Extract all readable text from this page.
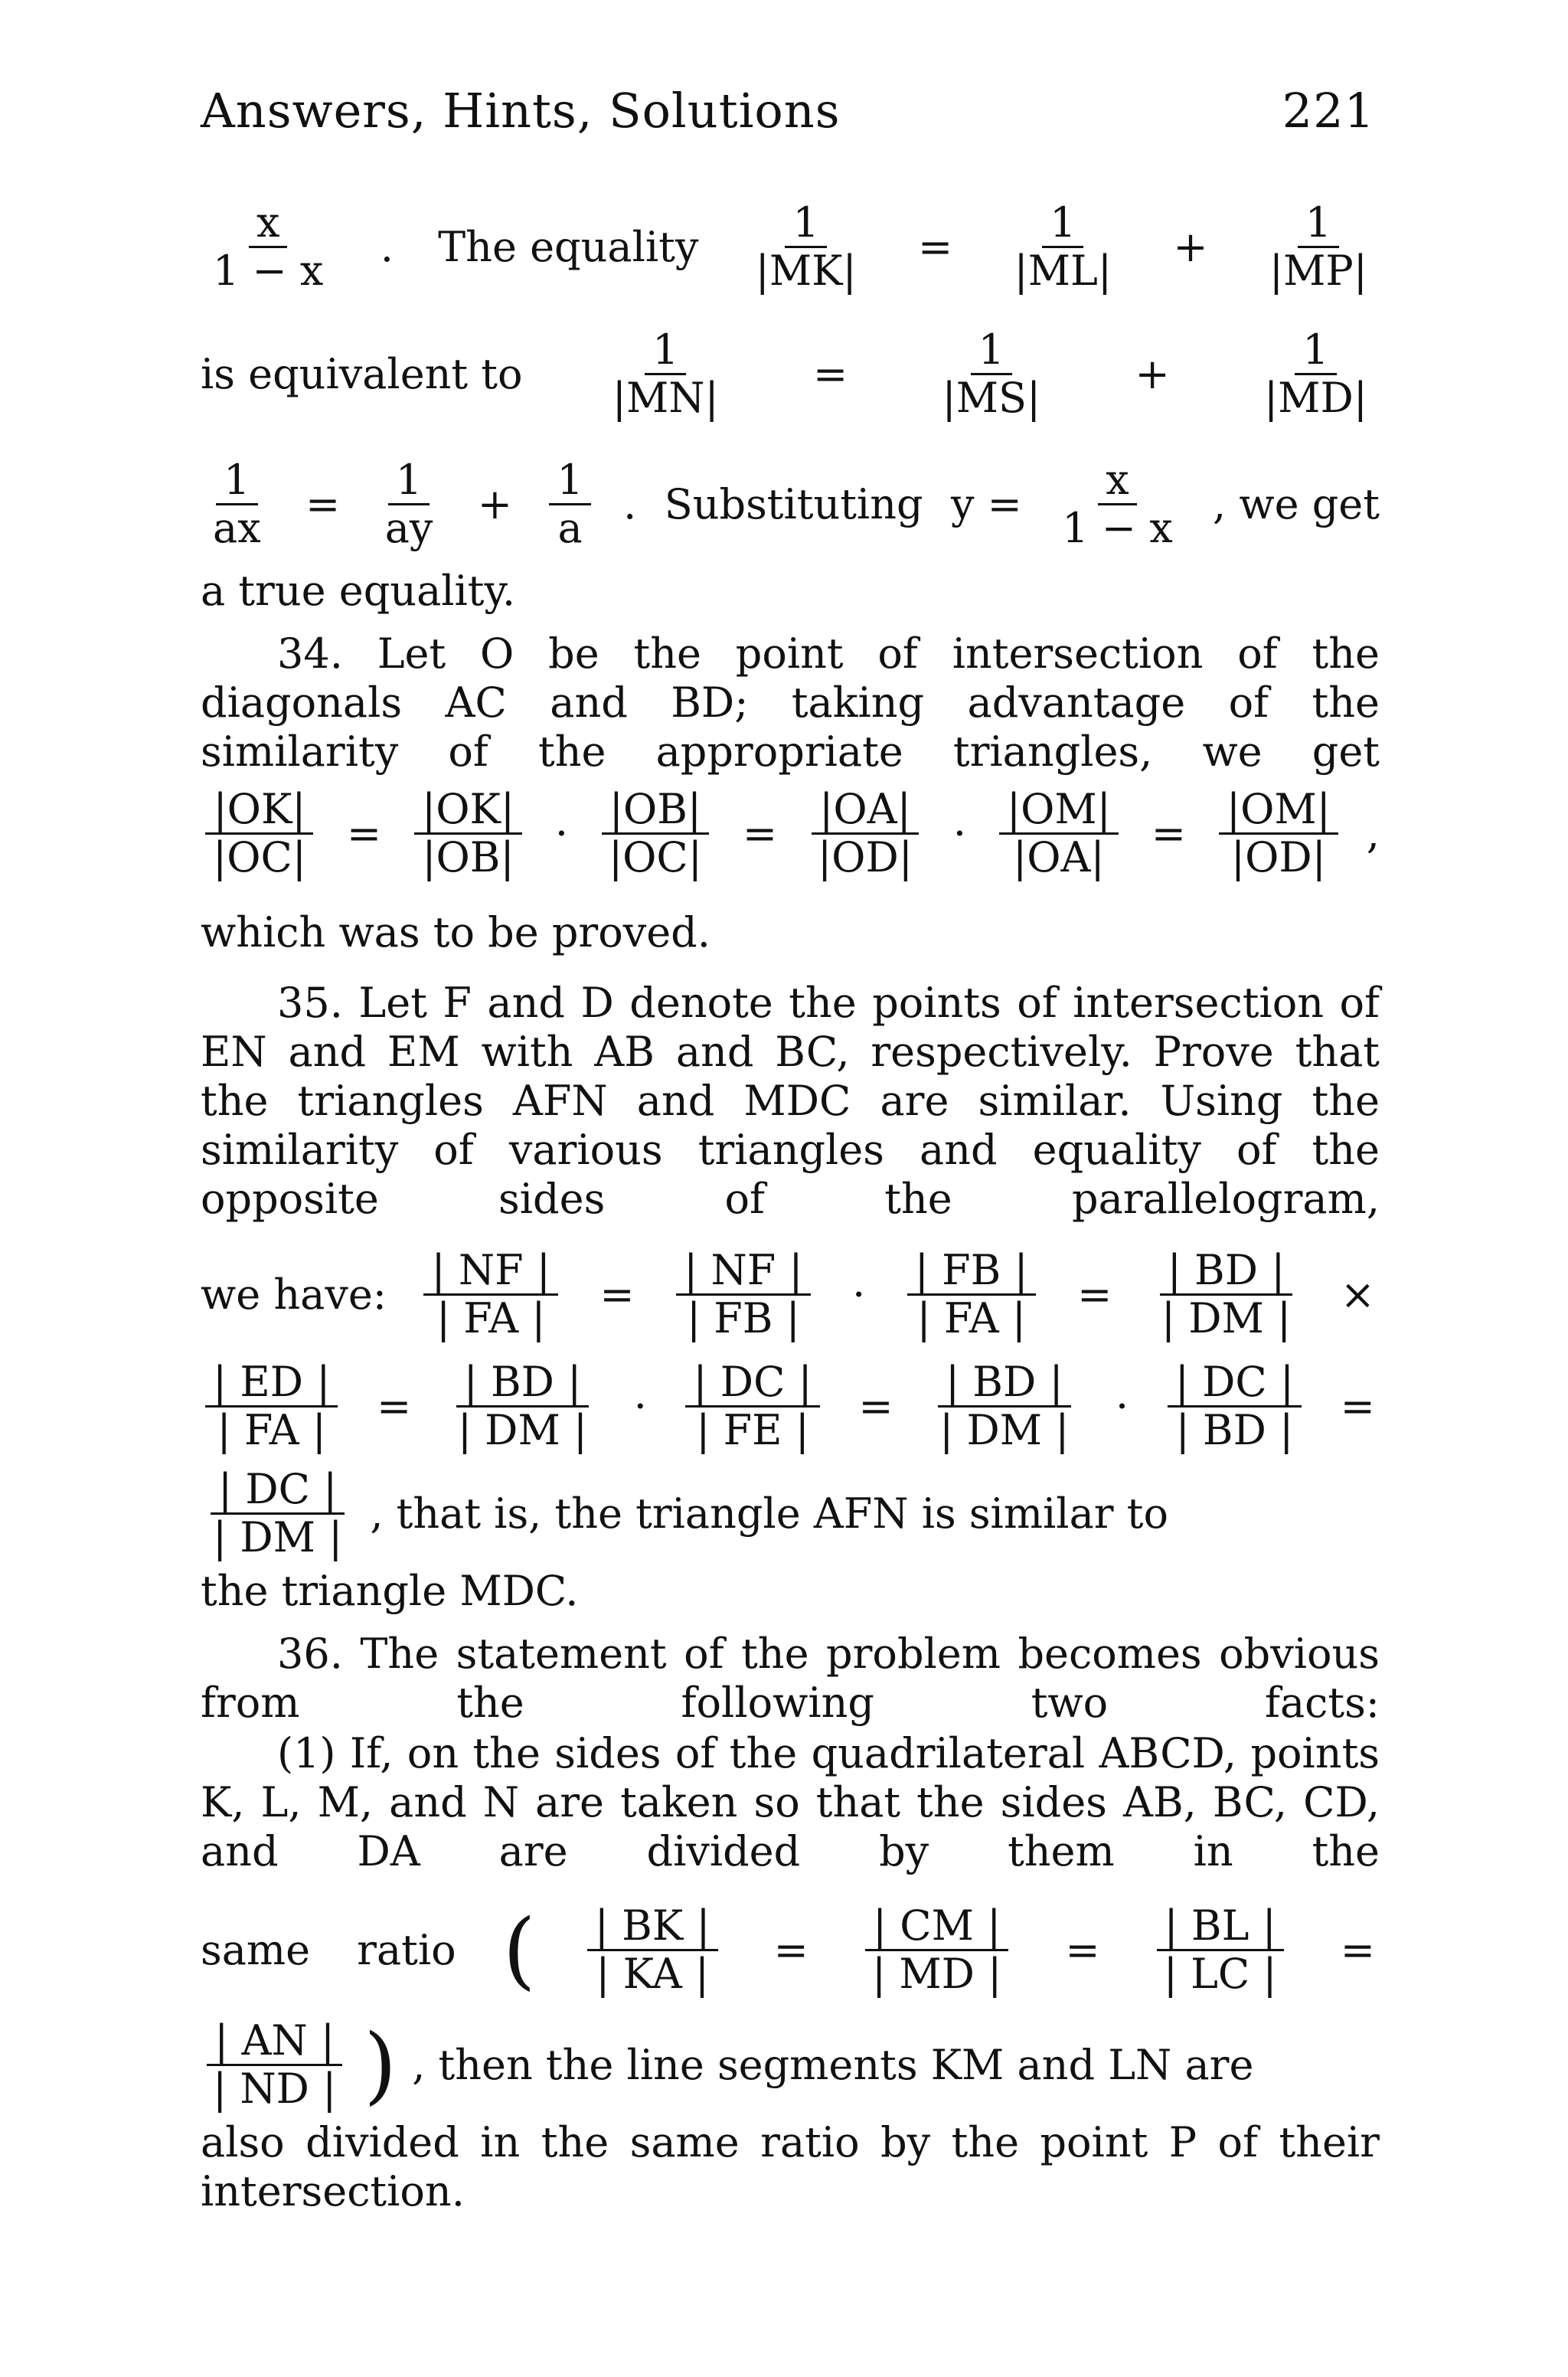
Answers, Hints, Solutions	221
$\frac{x}{1 - x}$ . The equality $\frac{1}{|MK|} = \frac{1}{|ML|} + \frac{1}{|MP|}$
is equivalent to $\frac{1}{|MN|} = \frac{1}{|MS|} + \frac{1}{|MD|}$
$\frac{1}{ax} = \frac{1}{ay} + \frac{1}{a}$ . Substituting $y = \frac{x}{1 - x}$ , we get
a true equality.
34. Let O be the point of intersection of the diagonals AC and BD; taking advantage of the similarity of the appropriate triangles, we get
$\frac{|OK|}{|OC|} = \frac{|OK|}{|OB|} \cdot \frac{|OB|}{|OC|} = \frac{|OA|}{|OD|} \cdot \frac{|OM|}{|OA|} = \frac{|OM|}{|OD|}$ ,
which was to be proved.
35. Let F and D denote the points of intersection of EN and EM with AB and BC, respectively. Prove that the triangles AFN and MDC are similar. Using the similarity of various triangles and equality of the opposite sides of the parallelogram,
we have: $\frac{| NF |}{| FA |} = \frac{| NF |}{| FB |} \cdot \frac{| FB |}{| FA |} = \frac{| BD |}{| DM |}$ ×
$\frac{| ED |}{| FA |} = \frac{| BD |}{| DM |} \cdot \frac{| DC |}{| FE |} = \frac{| BD |}{| DM |} \cdot \frac{| DC |}{| BD |}$ =
$\frac{| DC |}{| DM |}$ , that is, the triangle AFN is similar to
the triangle MDC.
36. The statement of the problem becomes obvious from the following two facts:
(1) If, on the sides of the quadrilateral ABCD, points K, L, M, and N are taken so that the sides AB, BC, CD, and DA are divided by them in the
same ratio ( $\frac{| BK |}{| KA |} = \frac{| CM |}{| MD |} = \frac{| BL |}{| LC |}$ =
$\frac{| AN |}{| ND |}$ ) , then the line segments KM and LN are
also divided in the same ratio by the point P of their intersection.
